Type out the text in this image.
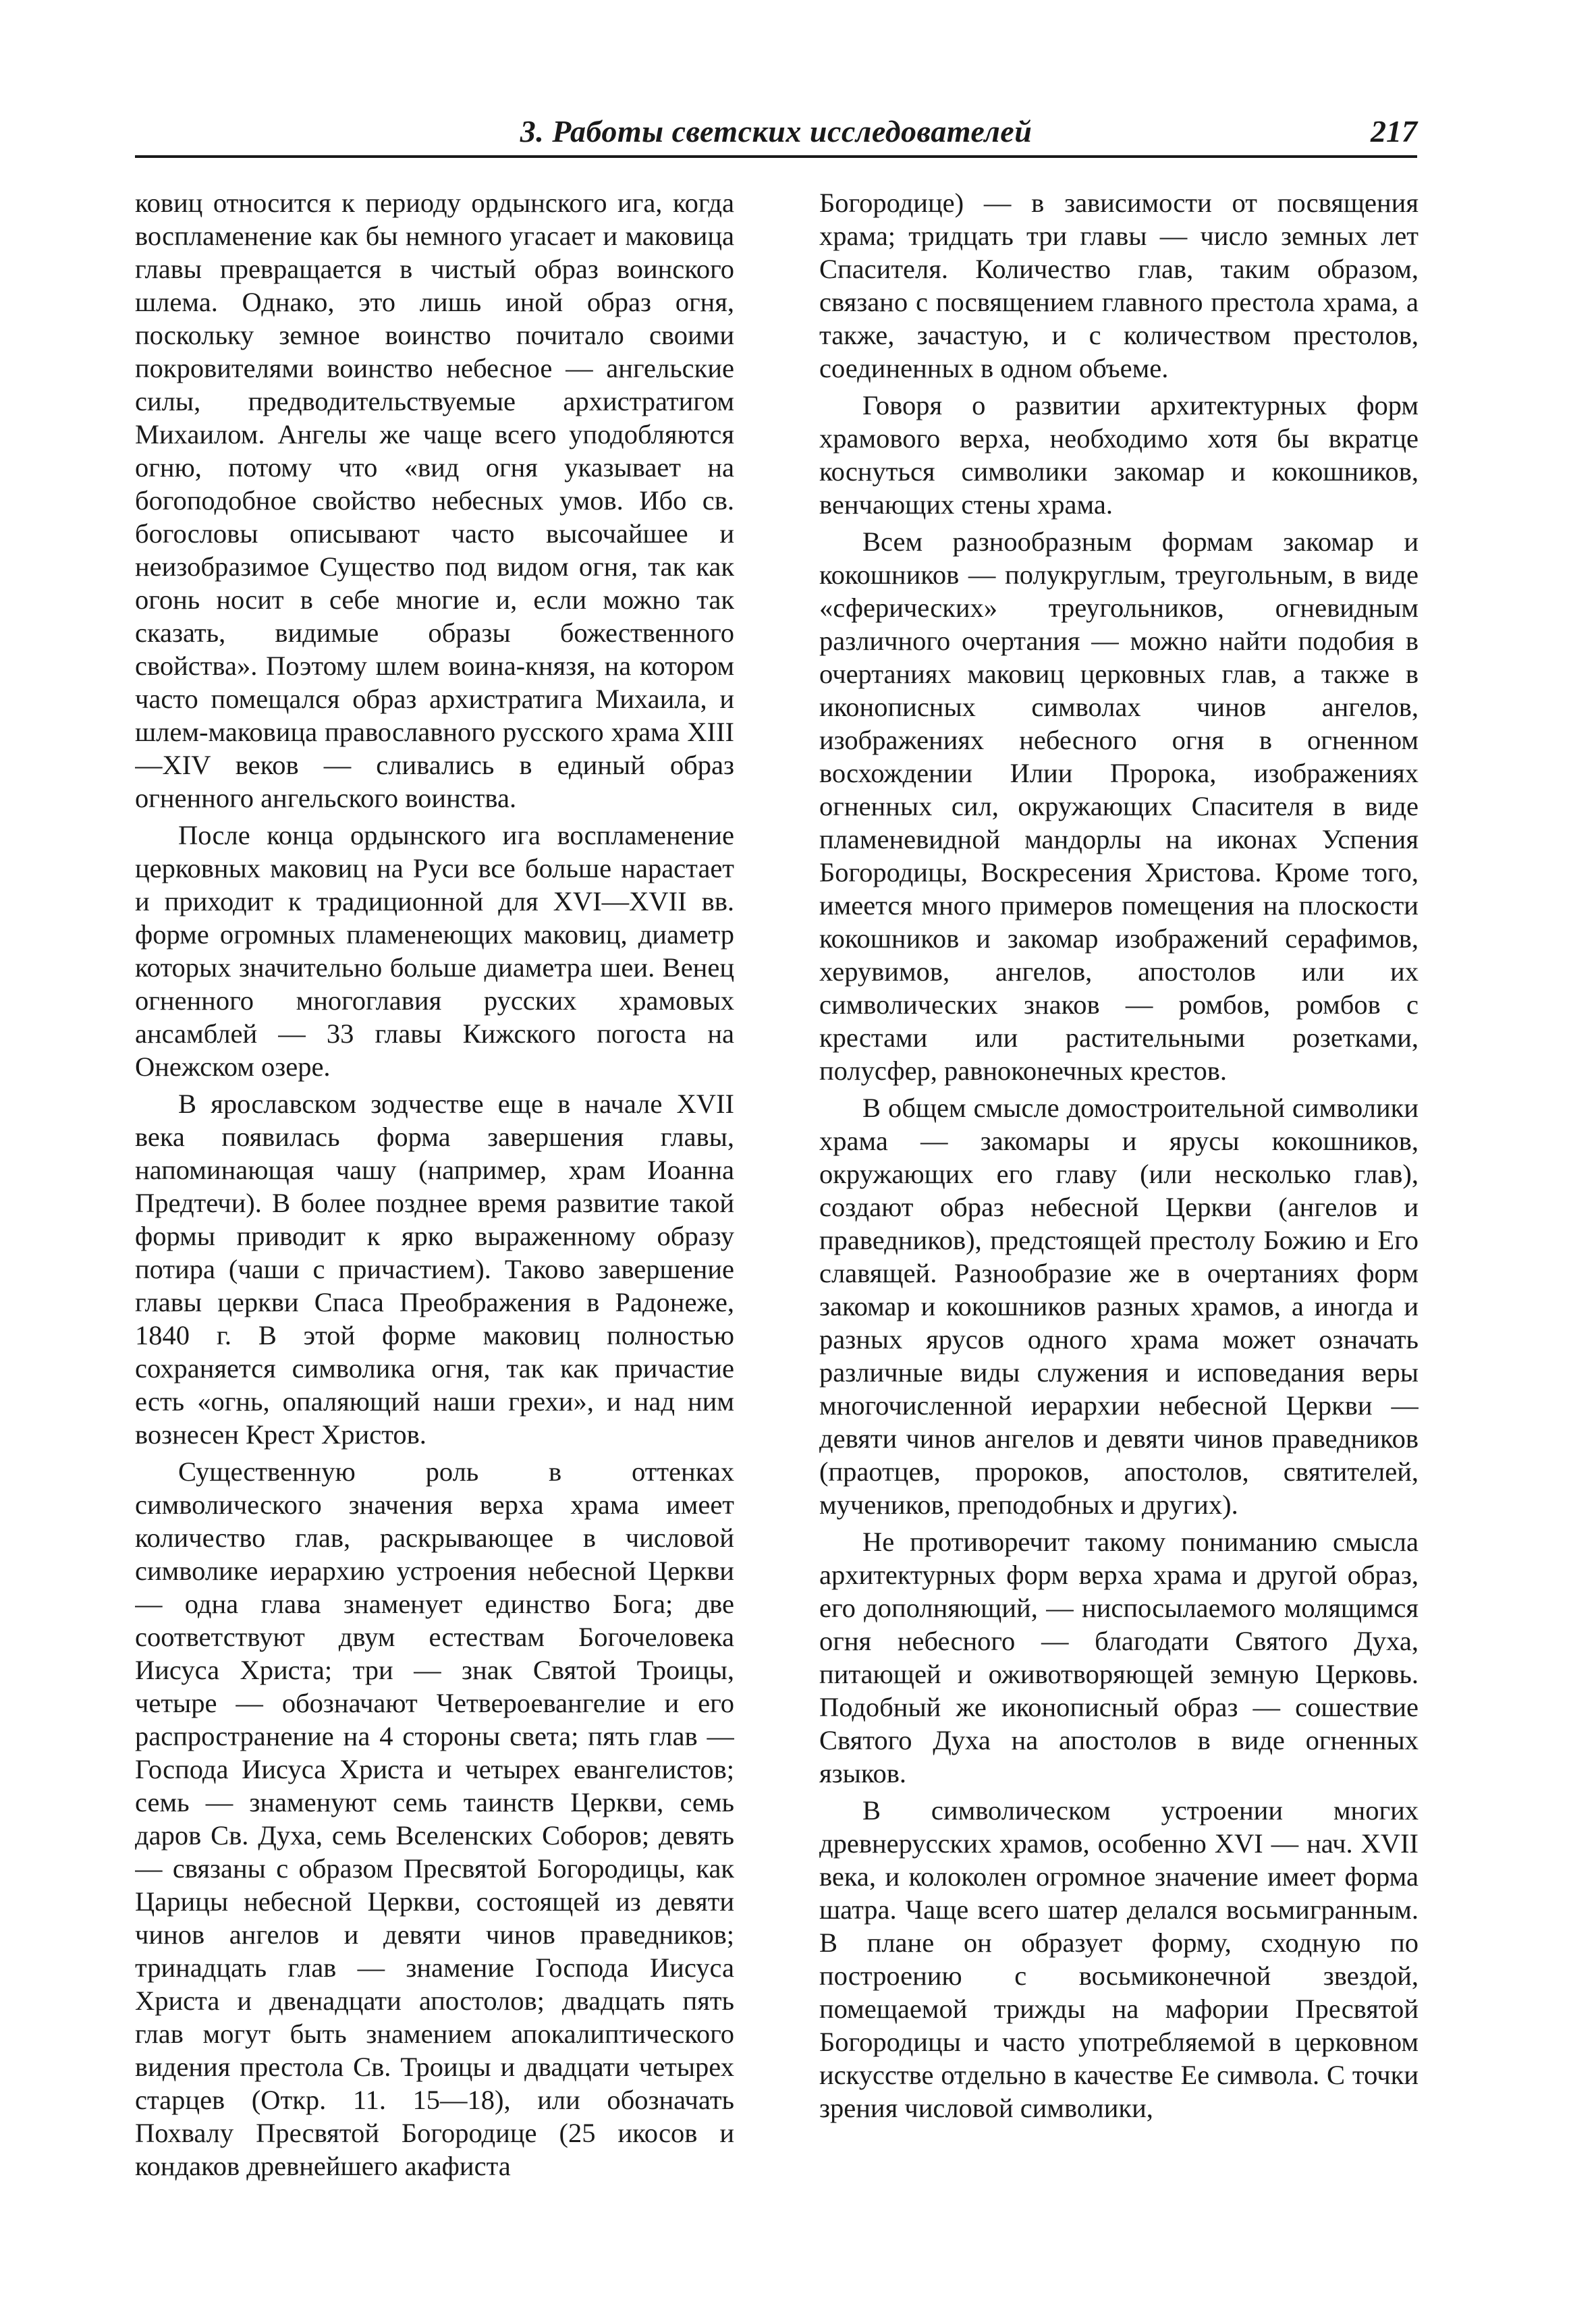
3. Работы светских исследователей	217

ковиц относится к периоду ордынского ига, когда воспламенение как бы немного угасает и маковица главы превращается в чистый образ воинского шлема. Однако, это лишь иной образ огня, поскольку земное воинство почитало своими покровителями воинство небесное — ангельские силы, предводительствуемые архистратигом Михаилом. Ангелы же чаще всего уподобляются огню, потому что «вид огня указывает на богоподобное свойство небесных умов. Ибо св. богословы описывают часто высочайшее и неизобразимое Существо под видом огня, так как огонь носит в себе многие и, если можно так сказать, видимые образы божественного свойства». Поэтому шлем воина-князя, на котором часто помещался образ архистратига Михаила, и шлем-маковица православного русского храма XIII—XIV веков — сливались в единый образ огненного ангельского воинства.

После конца ордынского ига воспламенение церковных маковиц на Руси все больше нарастает и приходит к традиционной для XVI—XVII вв. форме огромных пламенеющих маковиц, диаметр которых значительно больше диаметра шеи. Венец огненного многоглавия русских храмовых ансамблей — 33 главы Кижского погоста на Онежском озере.

В ярославском зодчестве еще в начале XVII века появилась форма завершения главы, напоминающая чашу (например, храм Иоанна Предтечи). В более позднее время развитие такой формы приводит к ярко выраженному образу потира (чаши с причастием). Таково завершение главы церкви Спаса Преображения в Радонеже, 1840 г. В этой форме маковиц полностью сохраняется символика огня, так как причастие есть «огнь, опаляющий наши грехи», и над ним вознесен Крест Христов.

Существенную роль в оттенках символического значения верха храма имеет количество глав, раскрывающее в числовой символике иерархию устроения небесной Церкви — одна глава знаменует единство Бога; две соответствуют двум естествам Богочеловека Иисуса Христа; три — знак Святой Троицы, четыре — обозначают Четвероевангелие и его распространение на 4 стороны света; пять глав — Господа Иисуса Христа и четырех евангелистов; семь — знаменуют семь таинств Церкви, семь даров Св. Духа, семь Вселенских Соборов; девять — связаны с образом Пресвятой Богородицы, как Царицы небесной Церкви, состоящей из девяти чинов ангелов и девяти чинов праведников; тринадцать глав — знамение Господа Иисуса Христа и двенадцати апостолов; двадцать пять глав могут быть знамением апокалиптического видения престола Св. Троицы и двадцати четырех старцев (Откр. 11. 15—18), или обозначать Похвалу Пресвятой Богородице (25 икосов и кондаков древнейшего акафиста

Богородице) — в зависимости от посвящения храма; тридцать три главы — число земных лет Спасителя. Количество глав, таким образом, связано с посвящением главного престола храма, а также, зачастую, и с количеством престолов, соединенных в одном объеме.

Говоря о развитии архитектурных форм храмового верха, необходимо хотя бы вкратце коснуться символики закомар и кокошников, венчающих стены храма.

Всем разнообразным формам закомар и кокошников — полукруглым, треугольным, в виде «сферических» треугольников, огневидным различного очертания — можно найти подобия в очертаниях маковиц церковных глав, а также в иконописных символах чинов ангелов, изображениях небесного огня в огненном восхождении Илии Пророка, изображениях огненных сил, окружающих Спасителя в виде пламеневидной мандорлы на иконах Успения Богородицы, Воскресения Христова. Кроме того, имеется много примеров помещения на плоскости кокошников и закомар изображений серафимов, херувимов, ангелов, апостолов или их символических знаков — ромбов, ромбов с крестами или растительными розетками, полусфер, равноконечных крестов.

В общем смысле домостроительной символики храма — закомары и ярусы кокошников, окружающих его главу (или несколько глав), создают образ небесной Церкви (ангелов и праведников), предстоящей престолу Божию и Его славящей. Разнообразие же в очертаниях форм закомар и кокошников разных храмов, а иногда и разных ярусов одного храма может означать различные виды служения и исповедания веры многочисленной иерархии небесной Церкви — девяти чинов ангелов и девяти чинов праведников (праотцев, пророков, апостолов, святителей, мучеников, преподобных и других).

Не противоречит такому пониманию смысла архитектурных форм верха храма и другой образ, его дополняющий, — ниспосылаемого молящимся огня небесного — благодати Святого Духа, питающей и оживотворяющей земную Церковь. Подобный же иконописный образ — сошествие Святого Духа на апостолов в виде огненных языков.

В символическом устроении многих древнерусских храмов, особенно XVI — нач. XVII века, и колоколен огромное значение имеет форма шатра. Чаще всего шатер делался восьмигранным. В плане он образует форму, сходную по построению с восьмиконечной звездой, помещаемой трижды на мафории Пресвятой Богородицы и часто употребляемой в церковном искусстве отдельно в качестве Ее символа. С точки зрения числовой символики,
